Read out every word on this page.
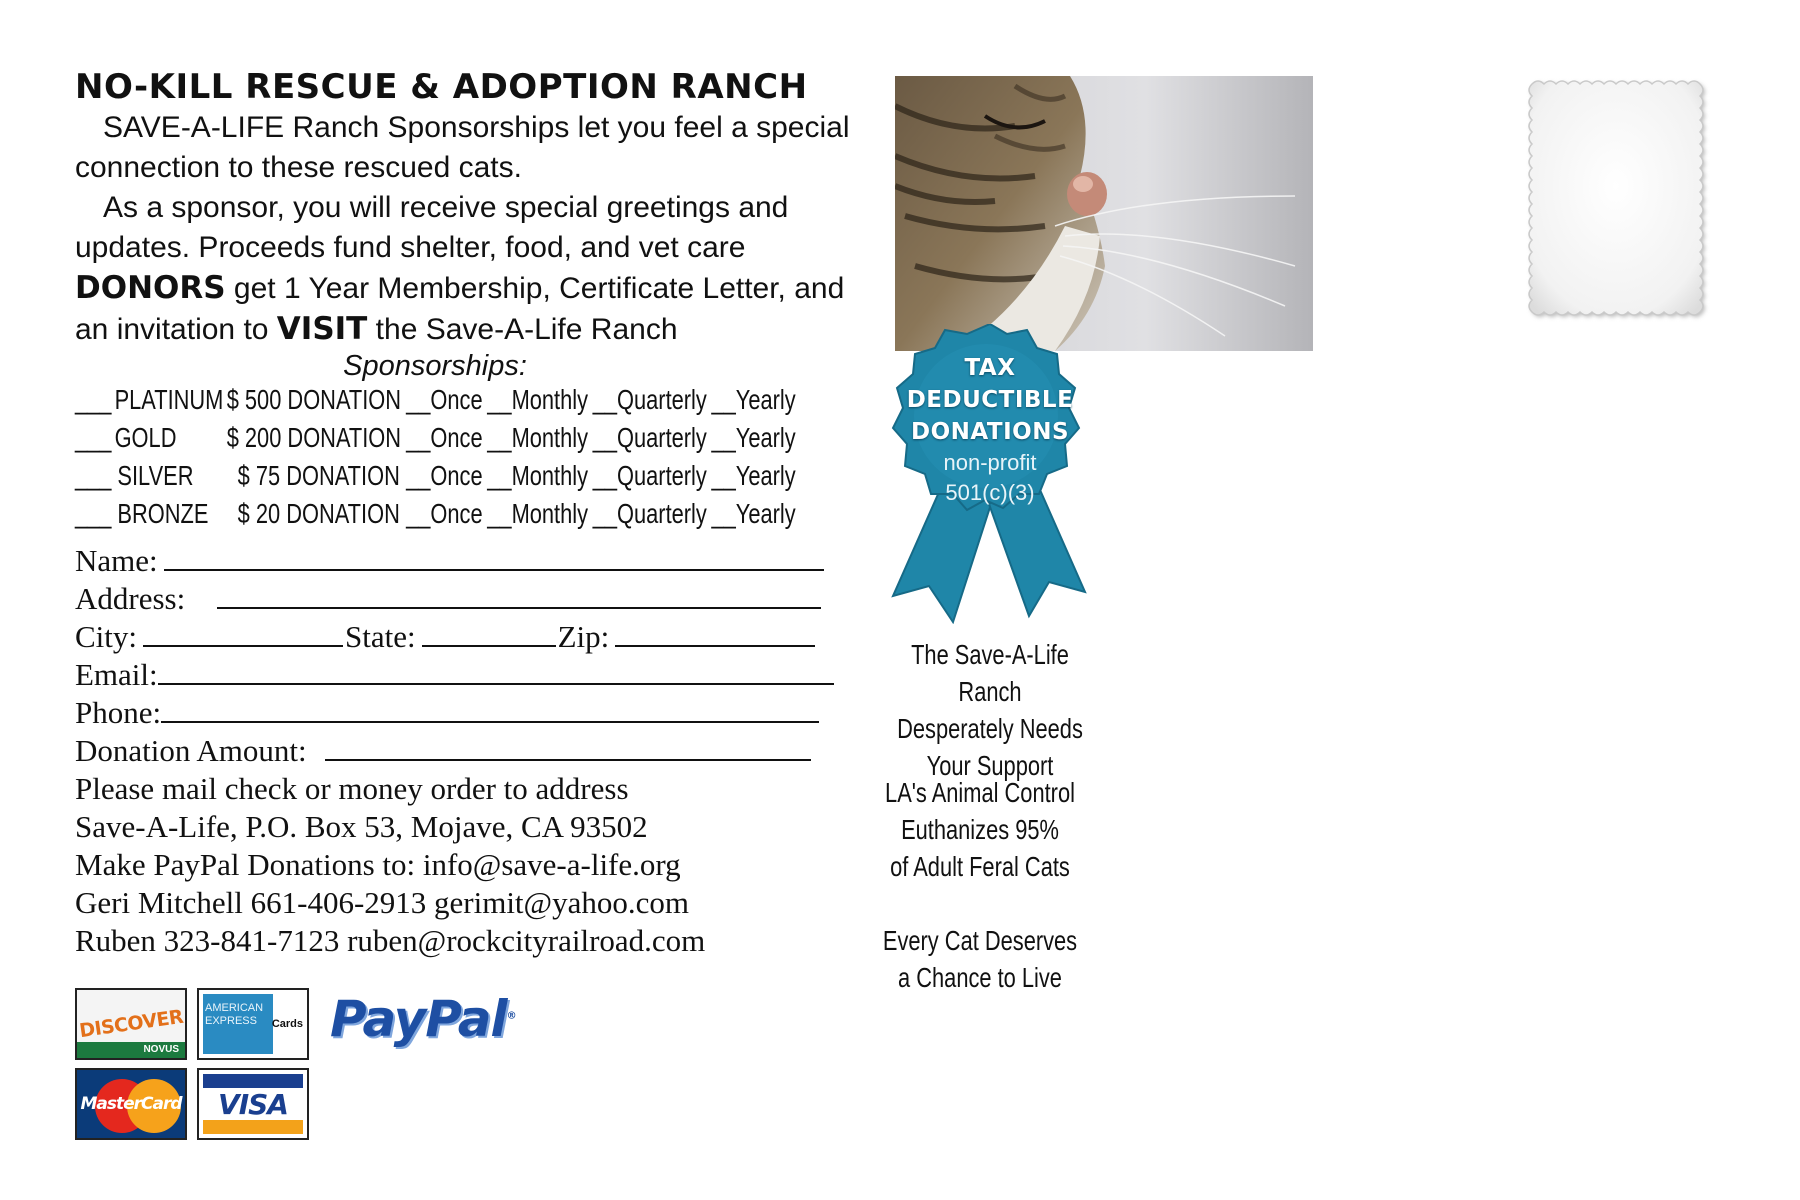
NO-KILL RESCUE & ADOPTION RANCH
SAVE-A-LIFE Ranch Sponsorships let you feel a special connection to these rescued cats.
As a sponsor, you will receive special greetings and updates. Proceeds fund shelter, food, and vet care
DONORS get 1 Year Membership, Certificate Letter, and an invitation to VISIT the Save-A-Life Ranch
Sponsorships:
___ PLATINUM $ 500 DONATION __Once __Monthly __Quarterly __Yearly
___ GOLD	$ 200 DONATION __Once __Monthly __Quarterly __Yearly
___ SILVER	$ 75 DONATION __Once __Monthly __Quarterly __Yearly
___ BRONZE	$ 20 DONATION __Once __Monthly __Quarterly __Yearly
Name:
Address:
City:	State:	Zip:
Email:
Phone:
Donation Amount:
Please mail check or money order to address
Save-A-Life, P.O. Box 53, Mojave, CA 93502
Make PayPal Donations to: info@save-a-life.org
Geri Mitchell 661-406-2913 gerimit@yahoo.com
Ruben 323-841-7123 ruben@rockcityrailroad.com
DISCOVER
NOVUS
AMERICAN
EXPRESS	Cards PayPal®
MasterCard VISA
TAX
DEDUCTIBLE
DONATIONS
non-profit
501(c)(3)
The Save-A-Life Ranch
Desperately Needs
Your Support
LA's Animal Control
Euthanizes 95%
of Adult Feral Cats
Every Cat Deserves
a Chance to Live
